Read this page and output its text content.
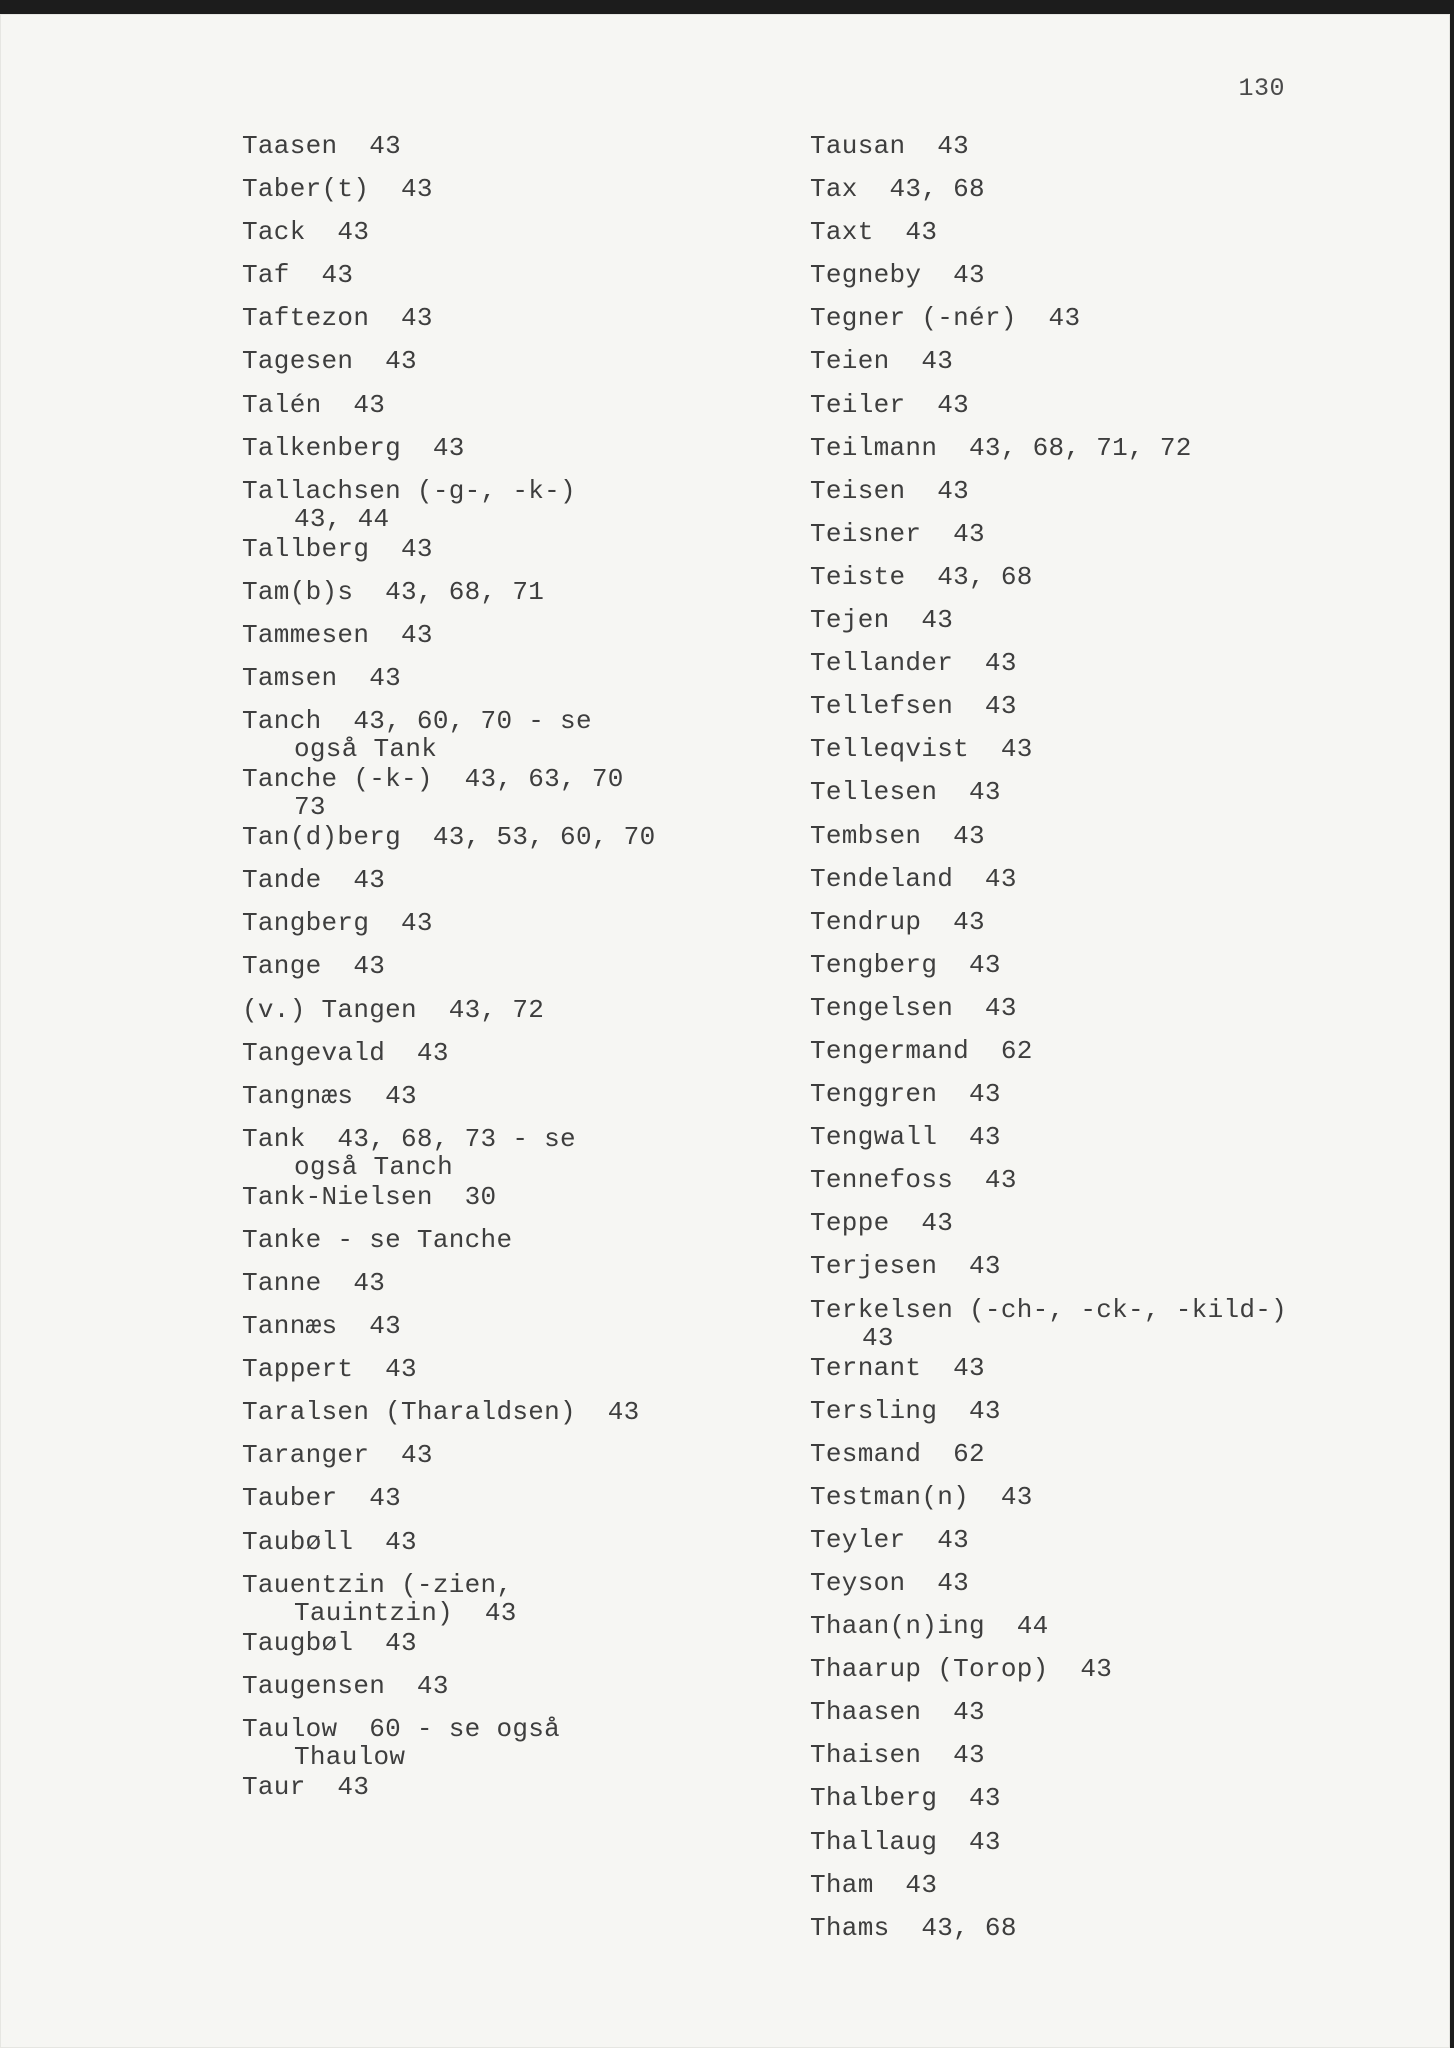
130
Taasen  43
Taber(t)  43
Tack  43
Taf  43
Taftezon  43
Tagesen  43
Talén  43
Talkenberg  43
Tallachsen (-g-, -k-)
43, 44
Tallberg  43
Tam(b)s  43, 68, 71
Tammesen  43
Tamsen  43
Tanch  43, 60, 70 - se
også Tank
Tanche (-k-)  43, 63, 70
73
Tan(d)berg  43, 53, 60, 70
Tande  43
Tangberg  43
Tange  43
(v.) Tangen  43, 72
Tangevald  43
Tangnæs  43
Tank  43, 68, 73 - se
også Tanch
Tank-Nielsen  30
Tanke - se Tanche
Tanne  43
Tannæs  43
Tappert  43
Taralsen (Tharaldsen)  43
Taranger  43
Tauber  43
Taubøll  43
Tauentzin (-zien,
Tauintzin)  43
Taugbøl  43
Taugensen  43
Taulow  60 - se også
Thaulow
Taur  43
Tausan  43
Tax  43, 68
Taxt  43
Tegneby  43
Tegner (-nér)  43
Teien  43
Teiler  43
Teilmann  43, 68, 71, 72
Teisen  43
Teisner  43
Teiste  43, 68
Tejen  43
Tellander  43
Tellefsen  43
Telleqvist  43
Tellesen  43
Tembsen  43
Tendeland  43
Tendrup  43
Tengberg  43
Tengelsen  43
Tengermand  62
Tenggren  43
Tengwall  43
Tennefoss  43
Teppe  43
Terjesen  43
Terkelsen (-ch-, -ck-, -kild-)
43
Ternant  43
Tersling  43
Tesmand  62
Testman(n)  43
Teyler  43
Teyson  43
Thaan(n)ing  44
Thaarup (Torop)  43
Thaasen  43
Thaisen  43
Thalberg  43
Thallaug  43
Tham  43
Thams  43, 68
